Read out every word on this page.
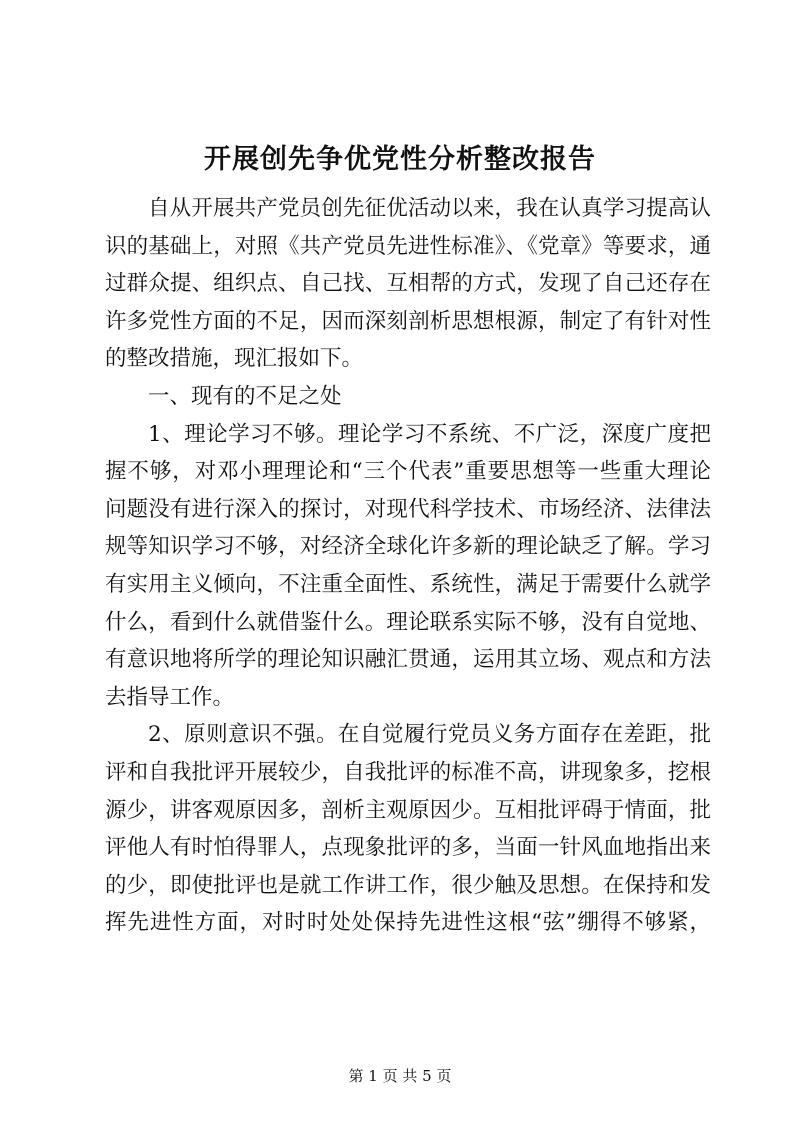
开展创先争优党性分析整改报告
自从开展共产党员创先征优活动以来，我在认真学习提高认
识的基础上，对照《共产党员先进性标准》、《党章》等要求，通
过群众提、组织点、自己找、互相帮的方式，发现了自己还存在
许多党性方面的不足，因而深刻剖析思想根源，制定了有针对性
的整改措施，现汇报如下。
一、现有的不足之处
1、理论学习不够。理论学习不系统、不广泛，深度广度把
握不够，对邓小理理论和“三个代表”重要思想等一些重大理论
问题没有进行深入的探讨，对现代科学技术、市场经济、法律法
规等知识学习不够，对经济全球化许多新的理论缺乏了解。学习
有实用主义倾向，不注重全面性、系统性，满足于需要什么就学
什么，看到什么就借鉴什么。理论联系实际不够，没有自觉地、
有意识地将所学的理论知识融汇贯通，运用其立场、观点和方法
去指导工作。
2、原则意识不强。在自觉履行党员义务方面存在差距，批
评和自我批评开展较少，自我批评的标准不高，讲现象多，挖根
源少，讲客观原因多，剖析主观原因少。互相批评碍于情面，批
评他人有时怕得罪人，点现象批评的多，当面一针风血地指出来
的少，即使批评也是就工作讲工作，很少触及思想。在保持和发
挥先进性方面，对时时处处保持先进性这根“弦”绷得不够紧，
第 1 页 共 5 页
